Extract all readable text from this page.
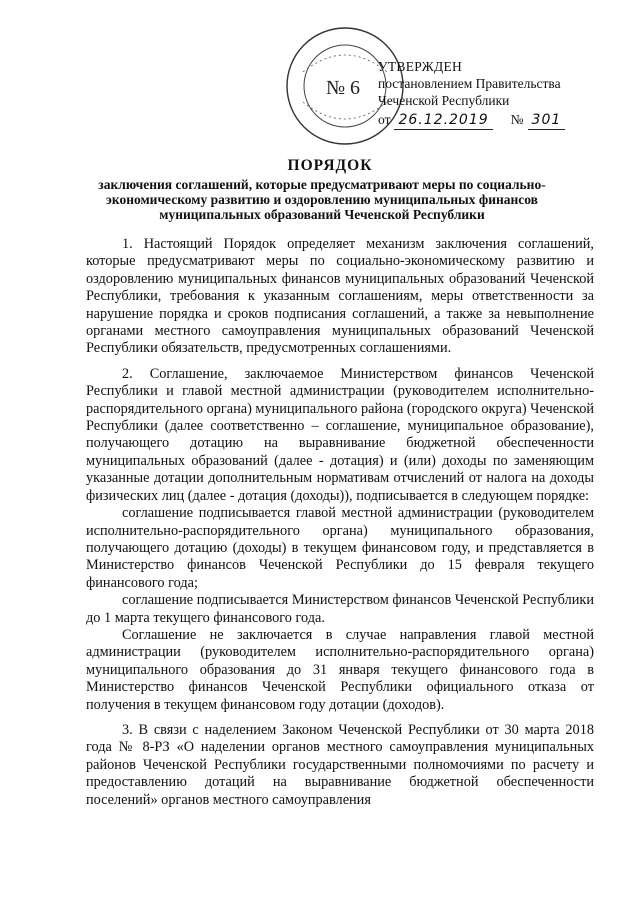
№ 6
УТВЕРЖДЕН
постановлением Правительства
Чеченской Республики
от 26.12.2019 № 301
ПОРЯДОК
заключения соглашений, которые предусматривают меры по социально-экономическому развитию и оздоровлению муниципальных финансов муниципальных образований Чеченской Республики

1. Настоящий Порядок определяет механизм заключения соглашений, которые предусматривают меры по социально-экономическому развитию и оздоровлению муниципальных финансов муниципальных образований Чеченской Республики, требования к указанным соглашениям, меры ответственности за нарушение порядка и сроков подписания соглашений, а также за невыполнение органами местного самоуправления муниципальных образований Чеченской Республики обязательств, предусмотренных соглашениями.

2. Соглашение, заключаемое Министерством финансов Чеченской Республики и главой местной администрации (руководителем исполнительно-распорядительного органа) муниципального района (городского округа) Чеченской Республики (далее соответственно – соглашение, муниципальное образование), получающего дотацию на выравнивание бюджетной обеспеченности муниципальных образований (далее - дотация) и (или) доходы по заменяющим указанные дотации дополнительным нормативам отчислений от налога на доходы физических лиц (далее - дотация (доходы)), подписывается в следующем порядке:

соглашение подписывается главой местной администрации (руководителем исполнительно-распорядительного органа) муниципального образования, получающего дотацию (доходы) в текущем финансовом году, и представляется в Министерство финансов Чеченской Республики до 15 февраля текущего финансового года;

соглашение подписывается Министерством финансов Чеченской Республики до 1 марта текущего финансового года.

Соглашение не заключается в случае направления главой местной администрации (руководителем исполнительно-распорядительного органа) муниципального образования до 31 января текущего финансового года в Министерство финансов Чеченской Республики официального отказа от получения в текущем финансовом году дотации (доходов).

3. В связи с наделением Законом Чеченской Республики от 30 марта 2018 года № 8-РЗ «О наделении органов местного самоуправления муниципальных районов Чеченской Республики государственными полномочиями по расчету и предоставлению дотаций на выравнивание бюджетной обеспеченности поселений» органов местного самоуправления
